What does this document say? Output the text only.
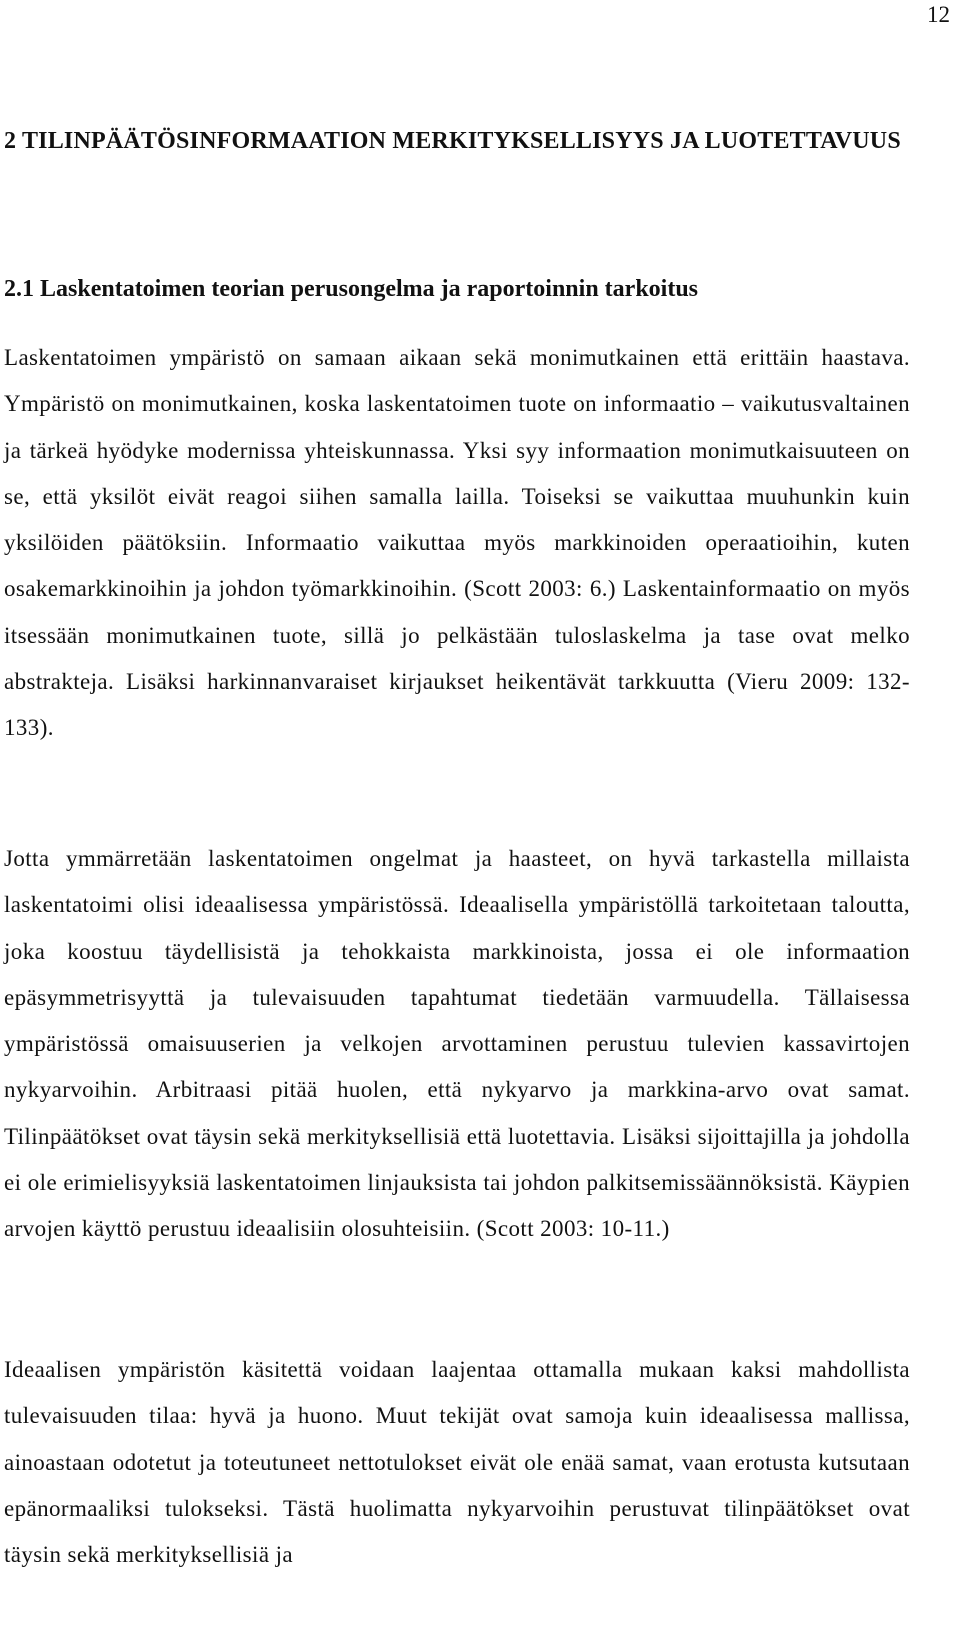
12
2 TILINPÄÄTÖSINFORMAATION MERKITYKSELLISYYS JA LUOTETTAVUUS
2.1 Laskentatoimen teorian perusongelma ja raportoinnin tarkoitus

Laskentatoimen ympäristö on samaan aikaan sekä monimutkainen että erittäin haastava. Ympäristö on monimutkainen, koska laskentatoimen tuote on informaatio – vaikutusvaltainen ja tärkeä hyödyke modernissa yhteiskunnassa. Yksi syy informaation monimutkaisuuteen on se, että yksilöt eivät reagoi siihen samalla lailla. Toiseksi se vaikuttaa muuhunkin kuin yksilöiden päätöksiin. Informaatio vaikuttaa myös markkinoiden operaatioihin, kuten osakemarkkinoihin ja johdon työmarkkinoihin. (Scott 2003: 6.) Laskentainformaatio on myös itsessään monimutkainen tuote, sillä jo pelkästään tuloslaskelma ja tase ovat melko abstrakteja. Lisäksi harkinnanvaraiset kirjaukset heikentävät tarkkuutta (Vieru 2009: 132-133).

Jotta ymmärretään laskentatoimen ongelmat ja haasteet, on hyvä tarkastella millaista laskentatoimi olisi ideaalisessa ympäristössä. Ideaalisella ympäristöllä tarkoitetaan taloutta, joka koostuu täydellisistä ja tehokkaista markkinoista, jossa ei ole informaation epäsymmetrisyyttä ja tulevaisuuden tapahtumat tiedetään varmuudella. Tällaisessa ympäristössä omaisuuserien ja velkojen arvottaminen perustuu tulevien kassavirtojen nykyarvoihin. Arbitraasi pitää huolen, että nykyarvo ja markkina-arvo ovat samat. Tilinpäätökset ovat täysin sekä merkityksellisiä että luotettavia. Lisäksi sijoittajilla ja johdolla ei ole erimielisyyksiä laskentatoimen linjauksista tai johdon palkitsemissäännöksistä. Käypien arvojen käyttö perustuu ideaalisiin olosuhteisiin. (Scott 2003: 10-11.)

Ideaalisen ympäristön käsitettä voidaan laajentaa ottamalla mukaan kaksi mahdollista tulevaisuuden tilaa: hyvä ja huono. Muut tekijät ovat samoja kuin ideaalisessa mallissa, ainoastaan odotetut ja toteutuneet nettotulokset eivät ole enää samat, vaan erotusta kutsutaan epänormaaliksi tulokseksi. Tästä huolimatta nykyarvoihin perustuvat tilinpäätökset ovat täysin sekä merkityksellisiä ja
